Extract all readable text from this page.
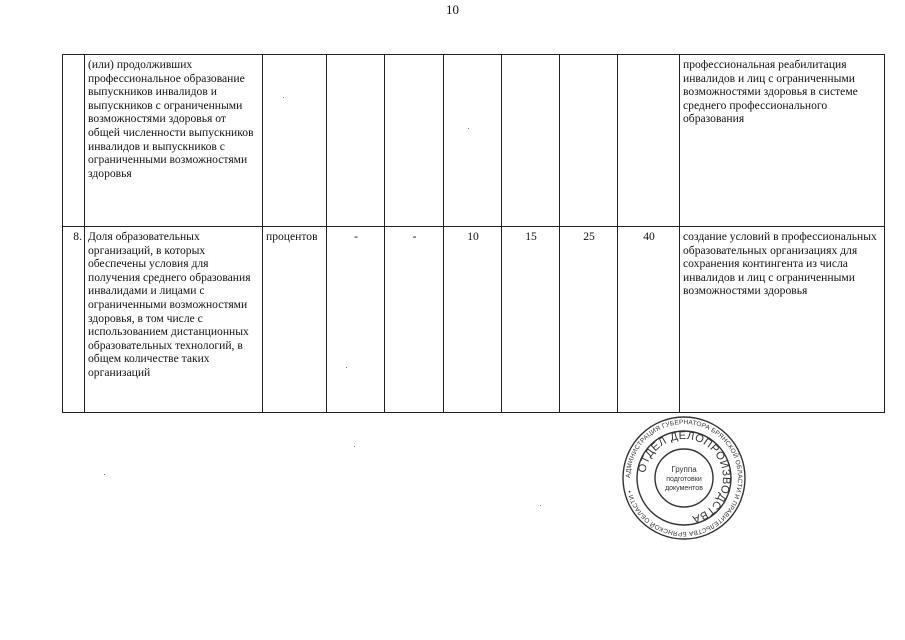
10
	(или) продолживших профессиональное образование выпускников инвалидов и выпускников с ограниченными возможностями здоровья от общей численности выпускников инвалидов и выпускников с ограниченными возможностями здоровья								профессиональная реабилитация инвалидов и лиц с ограниченными возможностями здоровья в системе среднего профессионального образования
8.	Доля образовательных организаций, в которых обеспечены условия для получения среднего образования инвалидами и лицами с ограниченными возможностями здоровья, в том числе с использованием дистанционных образовательных технологий, в общем количестве таких организаций	процентов	-	-	10	15	25	40	создание условий в профессиональных образовательных организациях для сохранения контингента из числа инвалидов и лиц с ограниченными возможностями здоровья
АДМИНИСТРАЦИЯ ГУБЕРНАТОРА БРЯНСКОЙ ОБЛАСТИ И ПРАВИТЕЛЬСТВА БРЯНСКОЙ ОБЛАСТИ •
ОТДЕЛ ДЕЛОПРОИЗВОДСТВА
Группа
подготовки
документов
